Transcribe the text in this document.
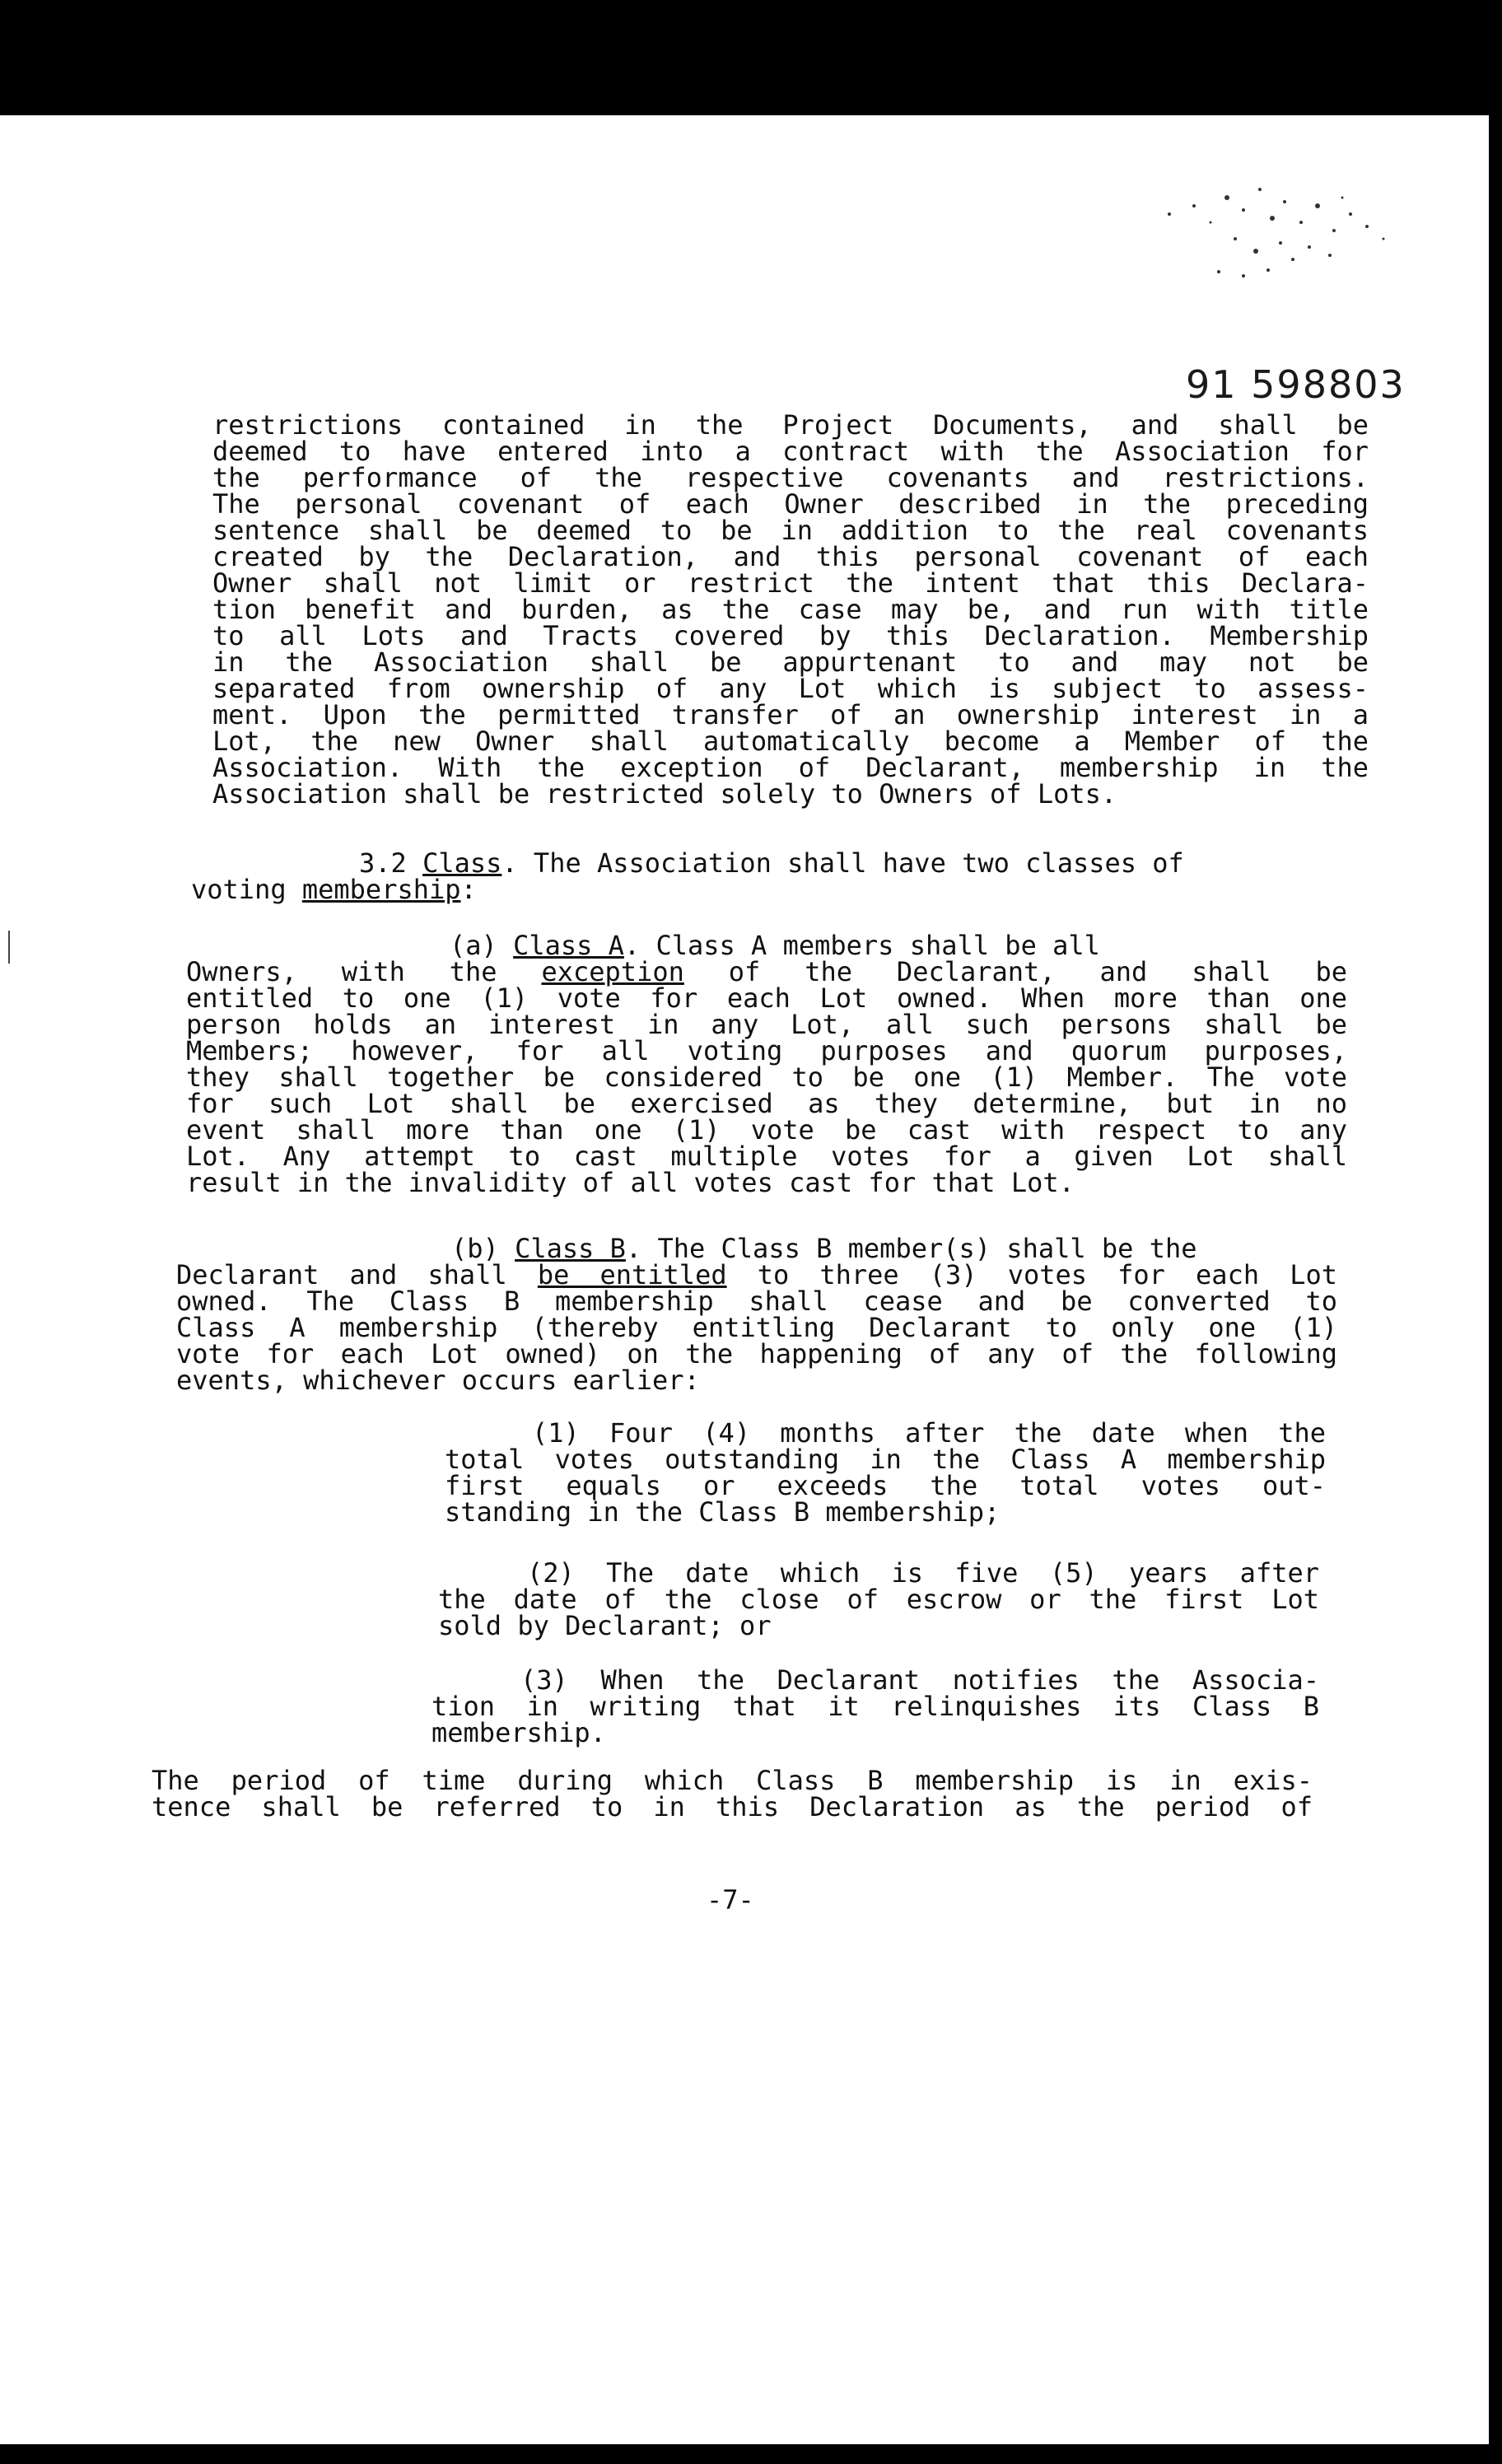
91 598803
restrictions contained in the Project Documents, and shall be
deemed to have entered into a contract with the Association for
the performance of the respective covenants and restrictions.
The personal covenant of each Owner described in the preceding
sentence shall be deemed to be in addition to the real covenants
created by the Declaration, and this personal covenant of each
Owner shall not limit or restrict the intent that this Declara-
tion benefit and burden, as the case may be, and run with title
to all Lots and Tracts covered by this Declaration. Membership
in the Association shall be appurtenant to and may not be
separated from ownership of any Lot which is subject to assess-
ment. Upon the permitted transfer of an ownership interest in a
Lot, the new Owner shall automatically become a Member of the
Association. With the exception of Declarant, membership in the
Association shall be restricted solely to Owners of Lots.
3.2 Class. The Association shall have two classes of
voting membership:
(a) Class A. Class A members shall be all
Owners, with the exception of the Declarant, and shall be
entitled to one (1) vote for each Lot owned. When more than one
person holds an interest in any Lot, all such persons shall be
Members; however, for all voting purposes and quorum purposes,
they shall together be considered to be one (1) Member. The vote
for such Lot shall be exercised as they determine, but in no
event shall more than one (1) vote be cast with respect to any
Lot. Any attempt to cast multiple votes for a given Lot shall
result in the invalidity of all votes cast for that Lot.
(b) Class B. The Class B member(s) shall be the
Declarant and shall be entitled to three (3) votes for each Lot
owned. The Class B membership shall cease and be converted to
Class A membership (thereby entitling Declarant to only one (1)
vote for each Lot owned) on the happening of any of the following
events, whichever occurs earlier:
(1) Four (4) months after the date when the
total votes outstanding in the Class A membership
first equals or exceeds the total votes out-
standing in the Class B membership;
(2) The date which is five (5) years after
the date of the close of escrow or the first Lot
sold by Declarant; or
(3) When the Declarant notifies the Associa-
tion in writing that it relinquishes its Class B
membership.
The period of time during which Class B membership is in exis-
tence shall be referred to in this Declaration as the period of
-7-
